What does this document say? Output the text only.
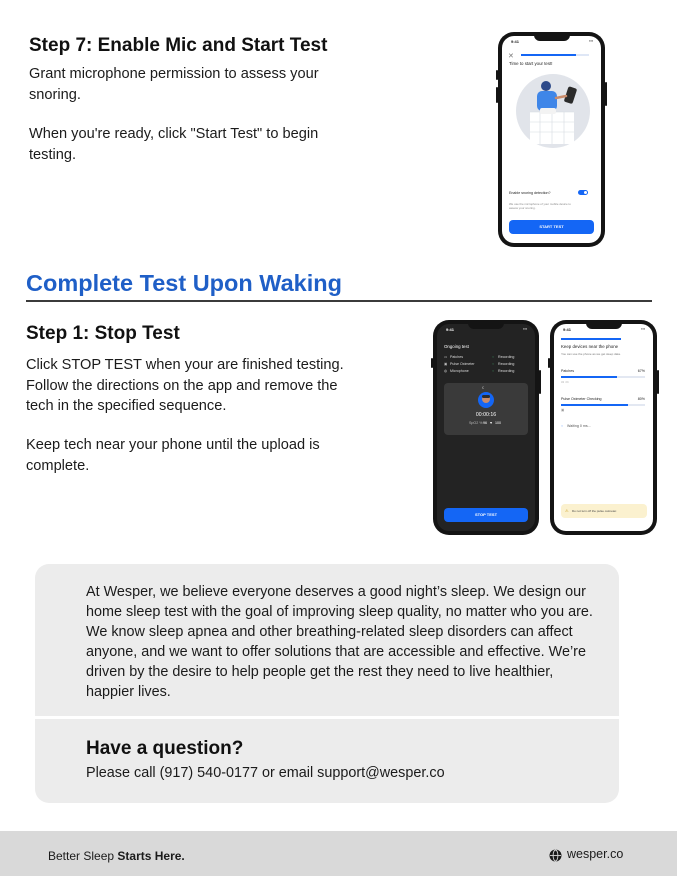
Step 7: Enable Mic and Start Test
Grant microphone permission to assess your snoring.
When you're ready, click "Start Test" to begin testing.
9:41	▪▪▪
✕
Time to start your test!
Enable snoring detection?
We use the microphone of your mobile device to assess your snoring.
START TEST
Complete Test Upon Waking
Step 1: Stop Test
Click STOP TEST when your are finished testing. Follow the directions on the app and remove the tech in the specified sequence.
Keep tech near your phone until the upload is complete.
9:41	▪▪▪
Ongoing test
▭ Patches	◌ Recording
▣ Pulse Oximeter	◌ Recording
◍ Microphone	◌ Recording
☾
00:00:16
SpO2 % 96 ♥ 100
STOP TEST
9:41	▪▪▪
Keep devices near the phone
You can use the phone as we get sleep data.
Patches	67%
▭ ▭
Pulse Oximeter Checking	80%
▣
◌ Waiting 0 ms...
⚠ Do not turn off the pulse oximeter.
At Wesper, we believe everyone deserves a good night’s sleep. We design our home sleep test with the goal of improving sleep quality, no matter who you are. We know sleep apnea and other breathing-related sleep disorders can affect anyone, and we want to offer solutions that are accessible and effective. We’re driven by the desire to help people get the rest they need to live healthier, happier lives.
Have a question?
Please call (917) 540-0177 or email support@wesper.co
Better Sleep Starts Here.	wesper.co
